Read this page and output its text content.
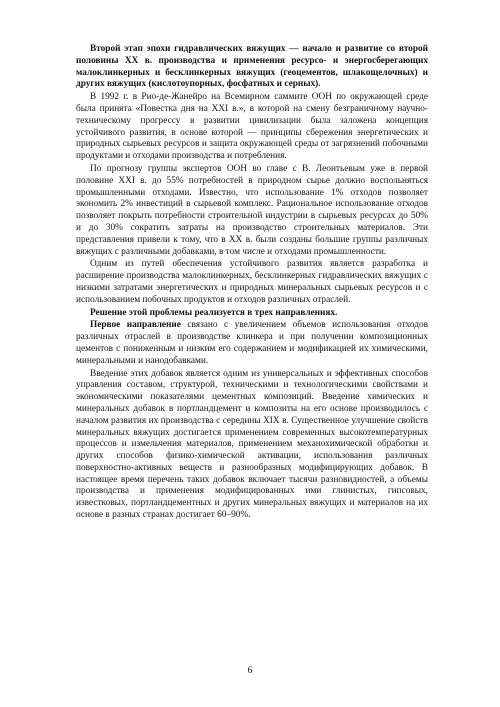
Второй этап эпохи гидравлических вяжущих — начало и развитие со второй половины XX в. производства и применения ресурсо- и энергосберегающих малоклинкерных и бесклинкерных вяжущих (геоцементов, шлакощелочных) и других вяжущих (кислотоупорных, фосфатных и серных).

В 1992 г. в Рио-де-Жанейро на Всемирном саммите ООН по окружающей среде была принята «Повестка дня на XXI в.», в которой на смену безграничному научно-техническому прогрессу в развитии цивилизации была заложена концепция устойчивого развития, в основе которой — принципы сбережения энергетических и природных сырьевых ресурсов и защита окружающей среды от загрязнений побочными продуктами и отходами производства и потребления.

По прогнозу группы экспертов ООН во главе с В. Леонтьевым уже в первой половине XXI в. до 55% потребностей в природном сырье должно воспольняться промышленными отходами. Известно, что использование 1% отходов позволяет экономить 2% инвестиций в сырьевой комплекс. Рациональное использование отходов позволяет покрыть потребности строительной индустрии в сырьевых ресурсах до 50% и до 30% сократить затраты на производство строительных материалов. Эти представления привели к тому, что в XX в. были созданы большие группы различных вяжущих с различными добавками, в том числе и отходами промышленности.

Одним из путей обеспечения устойчивого развития является разработка и расширение производства малоклинкерных, бесклинкерных гидравлических вяжущих с низкими затратами энергетических и природных минеральных сырьевых ресурсов и с использованием побочных продуктов и отходов различных отраслей.

Решение этой проблемы реализуется в трех направлениях.

Первое направление связано с увеличением объемов использования отходов различных отраслей в производстве клинкера и при получении композиционных цементов с пониженным и низким его содержанием и модификацией их химическими, минеральными и нанодобавками.

Введение этих добавок является одним из универсальных и эффективных способов управления составом, структурой, техническими и технологическими свойствами и экономическими показателями цементных композиций. Введение химических и минеральных добавок в портландцемент и композиты на его основе производилось с началом развития их производства с середины XIX в. Существенное улучшение свойств минеральных вяжущих достигается применением современных высокотемпературных процессов и измельчения материалов, применением механохимической обработки и других способов физико-химической активации, использования различных поверхностно-активных веществ и разнообразных модифицирующих добавок. В настоящее время перечень таких добавок включает тысячи разновидностей, а объемы производства и применения модифицированных ими глинистых, гипсовых, известковых, портландцементных и других минеральных вяжущих и материалов на их основе в разных странах достигает 60–90%.

6
